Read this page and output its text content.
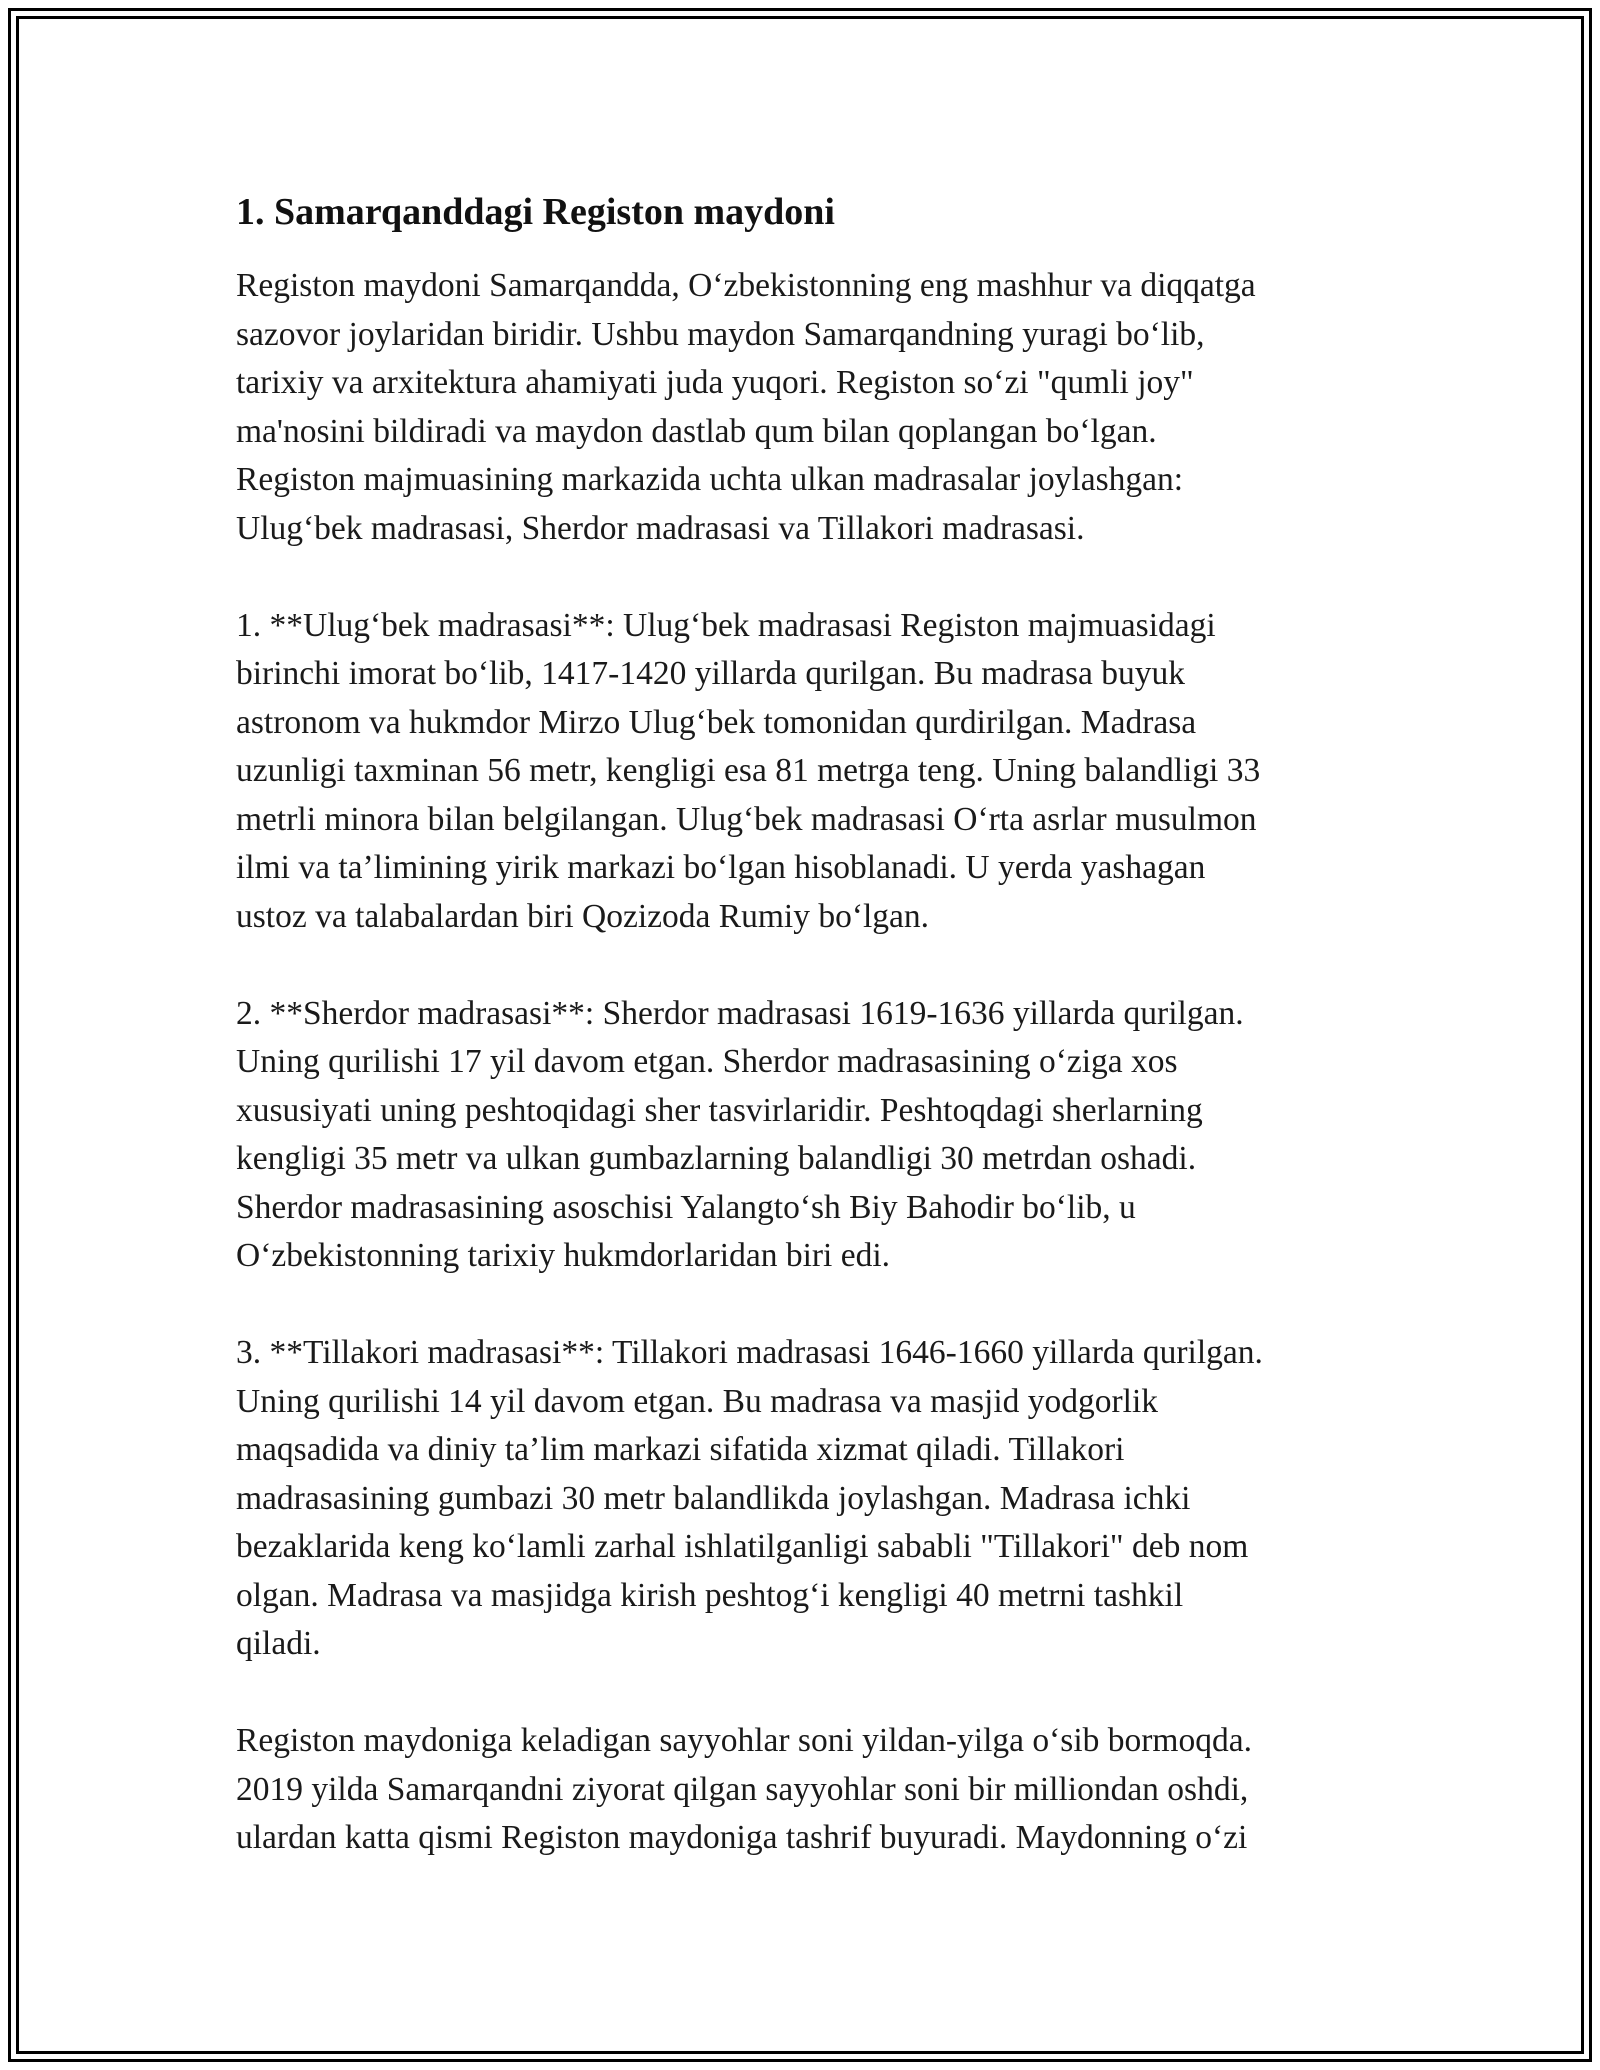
1. Samarqanddagi Registon maydoni
Registon maydoni Samarqandda, O‘zbekistonning eng mashhur va diqqatga
sazovor joylaridan biridir. Ushbu maydon Samarqandning yuragi bo‘lib,
tarixiy va arxitektura ahamiyati juda yuqori. Registon so‘zi "qumli joy"
ma'nosini bildiradi va maydon dastlab qum bilan qoplangan bo‘lgan.
Registon majmuasining markazida uchta ulkan madrasalar joylashgan:
Ulug‘bek madrasasi, Sherdor madrasasi va Tillakori madrasasi.
1. **Ulug‘bek madrasasi**: Ulug‘bek madrasasi Registon majmuasidagi
birinchi imorat bo‘lib, 1417-1420 yillarda qurilgan. Bu madrasa buyuk
astronom va hukmdor Mirzo Ulug‘bek tomonidan qurdirilgan. Madrasa
uzunligi taxminan 56 metr, kengligi esa 81 metrga teng. Uning balandligi 33
metrli minora bilan belgilangan. Ulug‘bek madrasasi O‘rta asrlar musulmon
ilmi va ta’limining yirik markazi bo‘lgan hisoblanadi. U yerda yashagan
ustoz va talabalardan biri Qozizoda Rumiy bo‘lgan.
2. **Sherdor madrasasi**: Sherdor madrasasi 1619-1636 yillarda qurilgan.
Uning qurilishi 17 yil davom etgan. Sherdor madrasasining o‘ziga xos
xususiyati uning peshtoqidagi sher tasvirlaridir. Peshtoqdagi sherlarning
kengligi 35 metr va ulkan gumbazlarning balandligi 30 metrdan oshadi.
Sherdor madrasasining asoschisi Yalangto‘sh Biy Bahodir bo‘lib, u
O‘zbekistonning tarixiy hukmdorlaridan biri edi.
3. **Tillakori madrasasi**: Tillakori madrasasi 1646-1660 yillarda qurilgan.
Uning qurilishi 14 yil davom etgan. Bu madrasa va masjid yodgorlik
maqsadida va diniy ta’lim markazi sifatida xizmat qiladi. Tillakori
madrasasining gumbazi 30 metr balandlikda joylashgan. Madrasa ichki
bezaklarida keng ko‘lamli zarhal ishlatilganligi sababli "Tillakori" deb nom
olgan. Madrasa va masjidga kirish peshtog‘i kengligi 40 metrni tashkil
qiladi.
Registon maydoniga keladigan sayyohlar soni yildan-yilga o‘sib bormoqda.
2019 yilda Samarqandni ziyorat qilgan sayyohlar soni bir milliondan oshdi,
ulardan katta qismi Registon maydoniga tashrif buyuradi. Maydonning o‘zi
